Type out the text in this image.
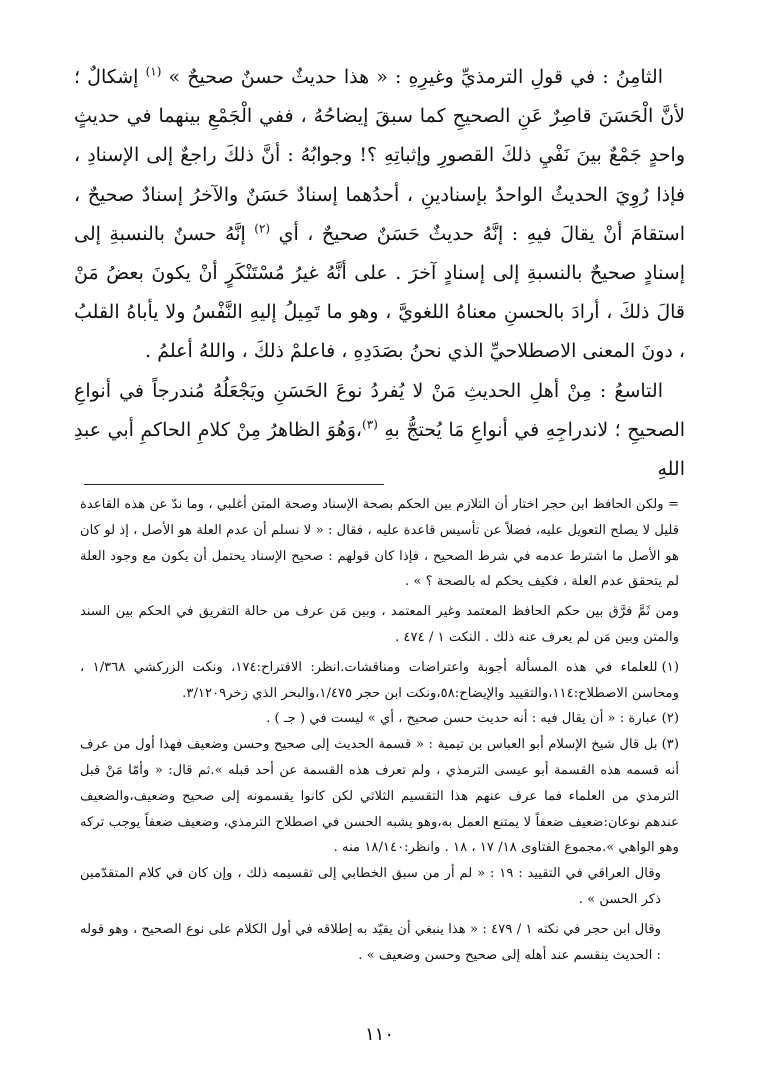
الثامِنُ : في قولِ الترمذيِّ وغيرِهِ : « هذا حديثٌ حسنٌ صحيحٌ » $^{(١)}$ إشكالٌ ؛ لأنَّ الْحَسَنَ قاصِرٌ عَنِ الصحيحِ كما سبقَ إيضاحُهُ ، ففي الْجَمْعِ بينهما في حديثٍ واحدٍ جَمْعٌ بينَ نَفْيِ ذلكَ القصورِ وإثباتِهِ ؟! وجوابُهُ : أنَّ ذلكَ راجعٌ إلى الإسنادِ ، فإذا رُوِيَ الحديثُ الواحدُ بإسنادينِ ، أحدُهما إسنادٌ حَسَنٌ والآخرُ إسنادٌ صحيحٌ ، استقامَ أنْ يقالَ فيهِ : إنَّهُ حديثٌ حَسَنٌ صحيحٌ ، أي $^{(٢)}$ إنَّهُ حسنٌ بالنسبةِ إلى إسنادٍ صحيحٌ بالنسبةِ إلى إسنادٍ آخرَ . على أنَّهُ غيرُ مُسْتَنْكَرٍ أنْ يكونَ بعضُ مَنْ قالَ ذلكَ ، أرادَ بالحسنِ معناهُ اللغويَّ ، وهو ما تَمِيلُ إليهِ النَّفْسُ ولا يأباهُ القلبُ ، دونَ المعنى الاصطلاحيِّ الذي نحنُ بصَدَدِهِ ، فاعلمْ ذلكَ ، واللهُ أعلمُ .

التاسعُ : مِنْ أهلِ الحديثِ مَنْ لا يُفردُ نوعَ الحَسَنِ ويَجْعَلُهُ مُندرجاً في أنواعِ الصحيحِ ؛ لاندراجِهِ في أنواعِ مَا يُحتجُّ بهِ $^{(٣)}$،وَهُوَ الظاهرُ مِنْ كلامِ الحاكمِ أبي عبدِ اللهِ

= ولكن الحافظ ابن حجر اختار أن التلازم بين الحكم بصحة الإسناد وصحة المتن أغلبي ، وما ندّ عن هذه القاعدة قليل لا يصلح التعويل عليه، فضلاً عن تأسيس قاعدة عليه ، فقال : « لا نسلم أن عدم العلة هو الأصل ، إذ لو كان هو الأصل ما اشترط عدمه في شرط الصحيح ، فإذا كان قولهم : صحيح الإسناد يحتمل أن يكون مع وجود العلة لم يتحقق عدم العلة ، فكيف يحكم له بالصحة ؟ » .

ومن ثَمَّ فرَّق بين حكم الحافظ المعتمد وغير المعتمد ، وبين مَن عرف من حالة التفريق في الحكم بين السند والمتن وبين مَن لم يعرف عنه ذلك . النكت ١ / ٤٧٤ .

(١)للعلماء في هذه المسألة أجوبة واعتراضات ومناقشات.انظر: الاقتراح:١٧٤، ونكت الزركشي ١/٣٦٨ ، ومحاسن الاصطلاح:١١٤،والتقييد والإيضاح:٥٨،ونكت ابن حجر ١/٤٧٥،والبحر الذي زخر٣/١٢٠٩.

(٢)عبارة : « أن يقال فيه : أنه حديث حسن صحيح ، أي » ليست في ( جـ ) .

(٣)بل قال شيخ الإسلام أبو العباس بن تيمية : « قسمة الحديث إلى صحيح وحسن وضعيف فهذا أول من عرف أنه قسمه هذه القسمة أبو عيسى الترمذي ، ولم تعرف هذه القسمة عن أحد قبله ».ثم قال: « وأمّا مَنْ قبل الترمذي من العلماء فما عرف عنهم هذا التقسيم الثلاثي لكن كانوا يقسمونه إلى صحيح وضعيف،والضعيف عندهم نوعان:ضعيف ضعفاً لا يمتنع العمل به،وهو يشبه الحسن في اصطلاح الترمذي، وضعيف ضعفاً يوجب تركه وهو الواهي ».مجموع الفتاوى ١٨/ ١٧ ، ١٨ . وانظر:١٨/١٤٠ منه .

وقال العراقي في التقييد : ١٩ : « لم أر من سبق الخطابي إلى تقسيمه ذلك ، وإن كان في كلام المتقدّمين ذكر الحسن » .

وقال ابن حجر في نكته ١ / ٤٧٩ : « هذا ينبغي أن يقيّد به إطلاقه في أول الكلام على نوع الصحيح ، وهو قوله : الحديث ينقسم عند أهله إلى صحيح وحسن وضعيف » .

١١٠
